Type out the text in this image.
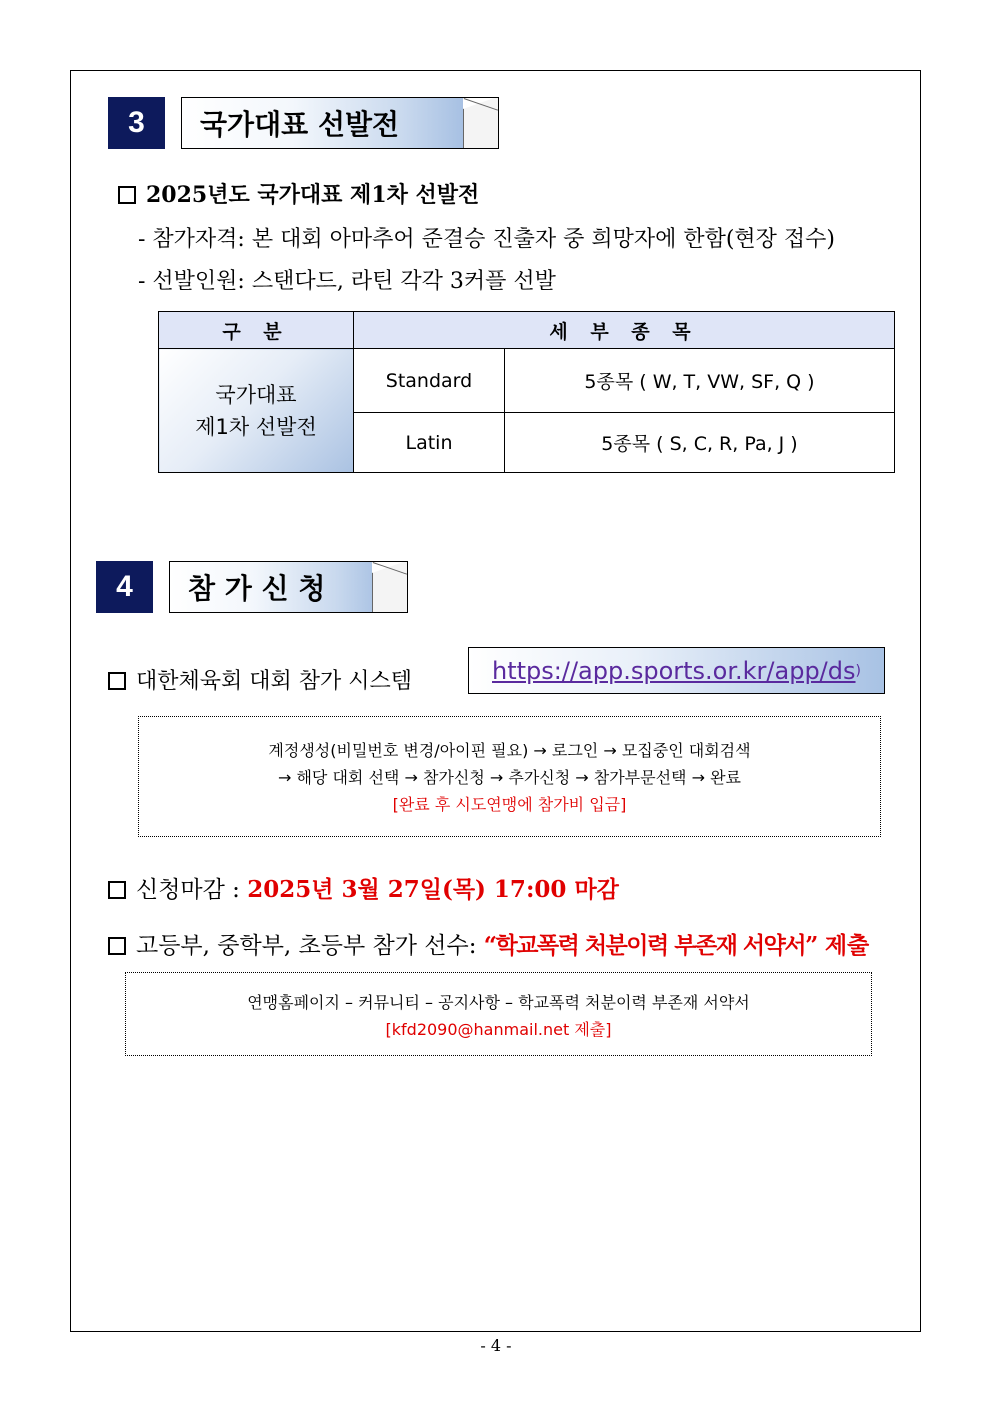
3	국가대표 선발전
2025년도 국가대표 제1차 선발전
- 참가자격: 본 대회 아마추어 준결승 진출자 중 희망자에 한함(현장 접수)
- 선발인원: 스탠다드, 라틴 각각 3커플 선발
구 분	세 부 종 목	

국가대표
제1차 선발전	Standard	5종목 ( W, T, VW, SF, Q )
	Latin	5종목 ( S, C, R, Pa, J )
4	참 가 신 청
대한체육회 대회 참가 시스템	https://app.sports.or.kr/app/ds )
계정생성(비밀번호 변경/아이핀 필요) → 로그인 → 모집중인 대회검색
→ 해당 대회 선택 → 참가신청 → 추가신청 → 참가부문선택 → 완료
[완료 후 시도연맹에 참가비 입금]
신청마감 : 2025년 3월 27일(목) 17:00 마감
고등부, 중학부, 초등부 참가 선수: “학교폭력 처분이력 부존재 서약서” 제출
연맹홈페이지 – 커뮤니티 – 공지사항 – 학교폭력 처분이력 부존재 서약서
[kfd2090@hanmail.net 제출]
- 4 -
